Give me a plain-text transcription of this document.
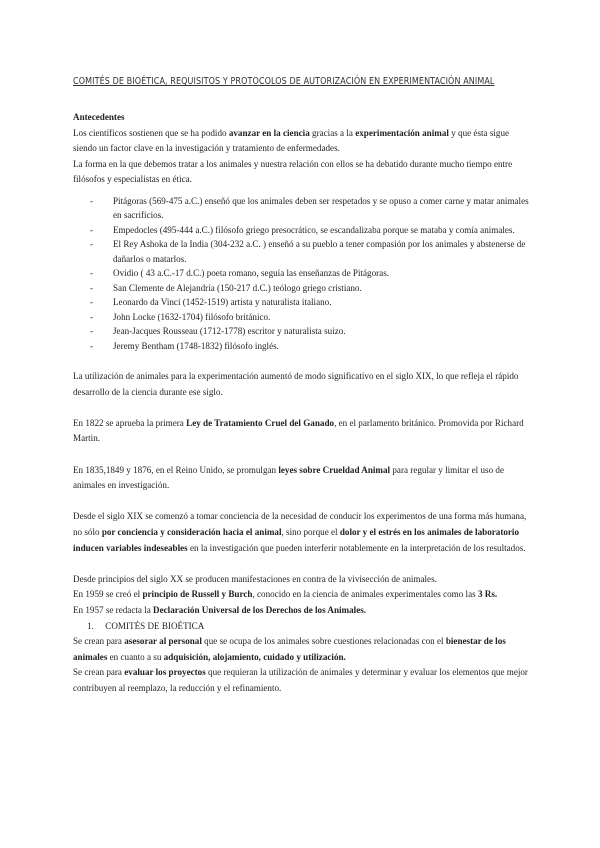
COMITÉS DE BIOÉTICA, REQUISITOS Y PROTOCOLOS DE AUTORIZACIÓN EN EXPERIMENTACIÓN ANIMAL

Antecedentes

Los científicos sostienen que se ha podido avanzar en la ciencia gracias a la experimentación animal y que ésta sigue siendo un factor clave en la investigación y tratamiento de enfermedades.

La forma en la que debemos tratar a los animales y nuestra relación con ellos se ha debatido durante mucho tiempo entre filósofos y especialistas en ética.

- Pitágoras (569-475 a.C.) enseñó que los animales deben ser respetados y se opuso a comer carne y matar animales en sacrificios.
- Empedocles (495-444 a.C.) filósofo griego presocrático, se escandalizaba porque se mataba y comía animales.
- El Rey Ashoka de la India (304-232 a.C. ) enseñó a su pueblo a tener compasión por los animales y abstenerse de dañarlos o matarlos.
- Ovidio ( 43 a.C.-17 d.C.) poeta romano, seguía las enseñanzas de Pitágoras.
- San Clemente de Alejandría (150-217 d.C.) teólogo griego cristiano.
- Leonardo da Vinci (1452-1519) artista y naturalista italiano.
- John Locke (1632-1704) filósofo británico.
- Jean-Jacques Rousseau (1712-1778) escritor y naturalista suizo.
- Jeremy Bentham (1748-1832) filósofo inglés.

La utilización de animales para la experimentación aumentó de modo significativo en el siglo XIX, lo que refleja el rápido desarrollo de la ciencia durante ese siglo.

En 1822 se aprueba la primera Ley de Tratamiento Cruel del Ganado, en el parlamento británico. Promovida por Richard Martin.

En 1835,1849 y 1876, en el Reino Unido, se promulgan leyes sobre Crueldad Animal para regular y limitar el uso de animales en investigación.

Desde el siglo XIX se comenzó a tomar conciencia de la necesidad de conducir los experimentos de una forma más humana, no sólo por conciencia y consideración hacia el animal, sino porque el dolor y el estrés en los animales de laboratorio inducen variables indeseables en la investigación que pueden interferir notablemente en la interpretación de los resultados.

Desde principios del siglo XX se producen manifestaciones en contra de la vivisección de animales.

En 1959 se creó el principio de Russell y Burch, conocido en la ciencia de animales experimentales como las 3 Rs.

En 1957 se redacta la Declaración Universal de los Derechos de los Animales.

1. COMITÉS DE BIOÉTICA

Se crean para asesorar al personal que se ocupa de los animales sobre cuestiones relacionadas con el bienestar de los animales en cuanto a su adquisición, alojamiento, cuidado y utilización.

Se crean para evaluar los proyectos que requieran la utilización de animales y determinar y evaluar los elementos que mejor contribuyen al reemplazo, la reducción y el refinamiento.
